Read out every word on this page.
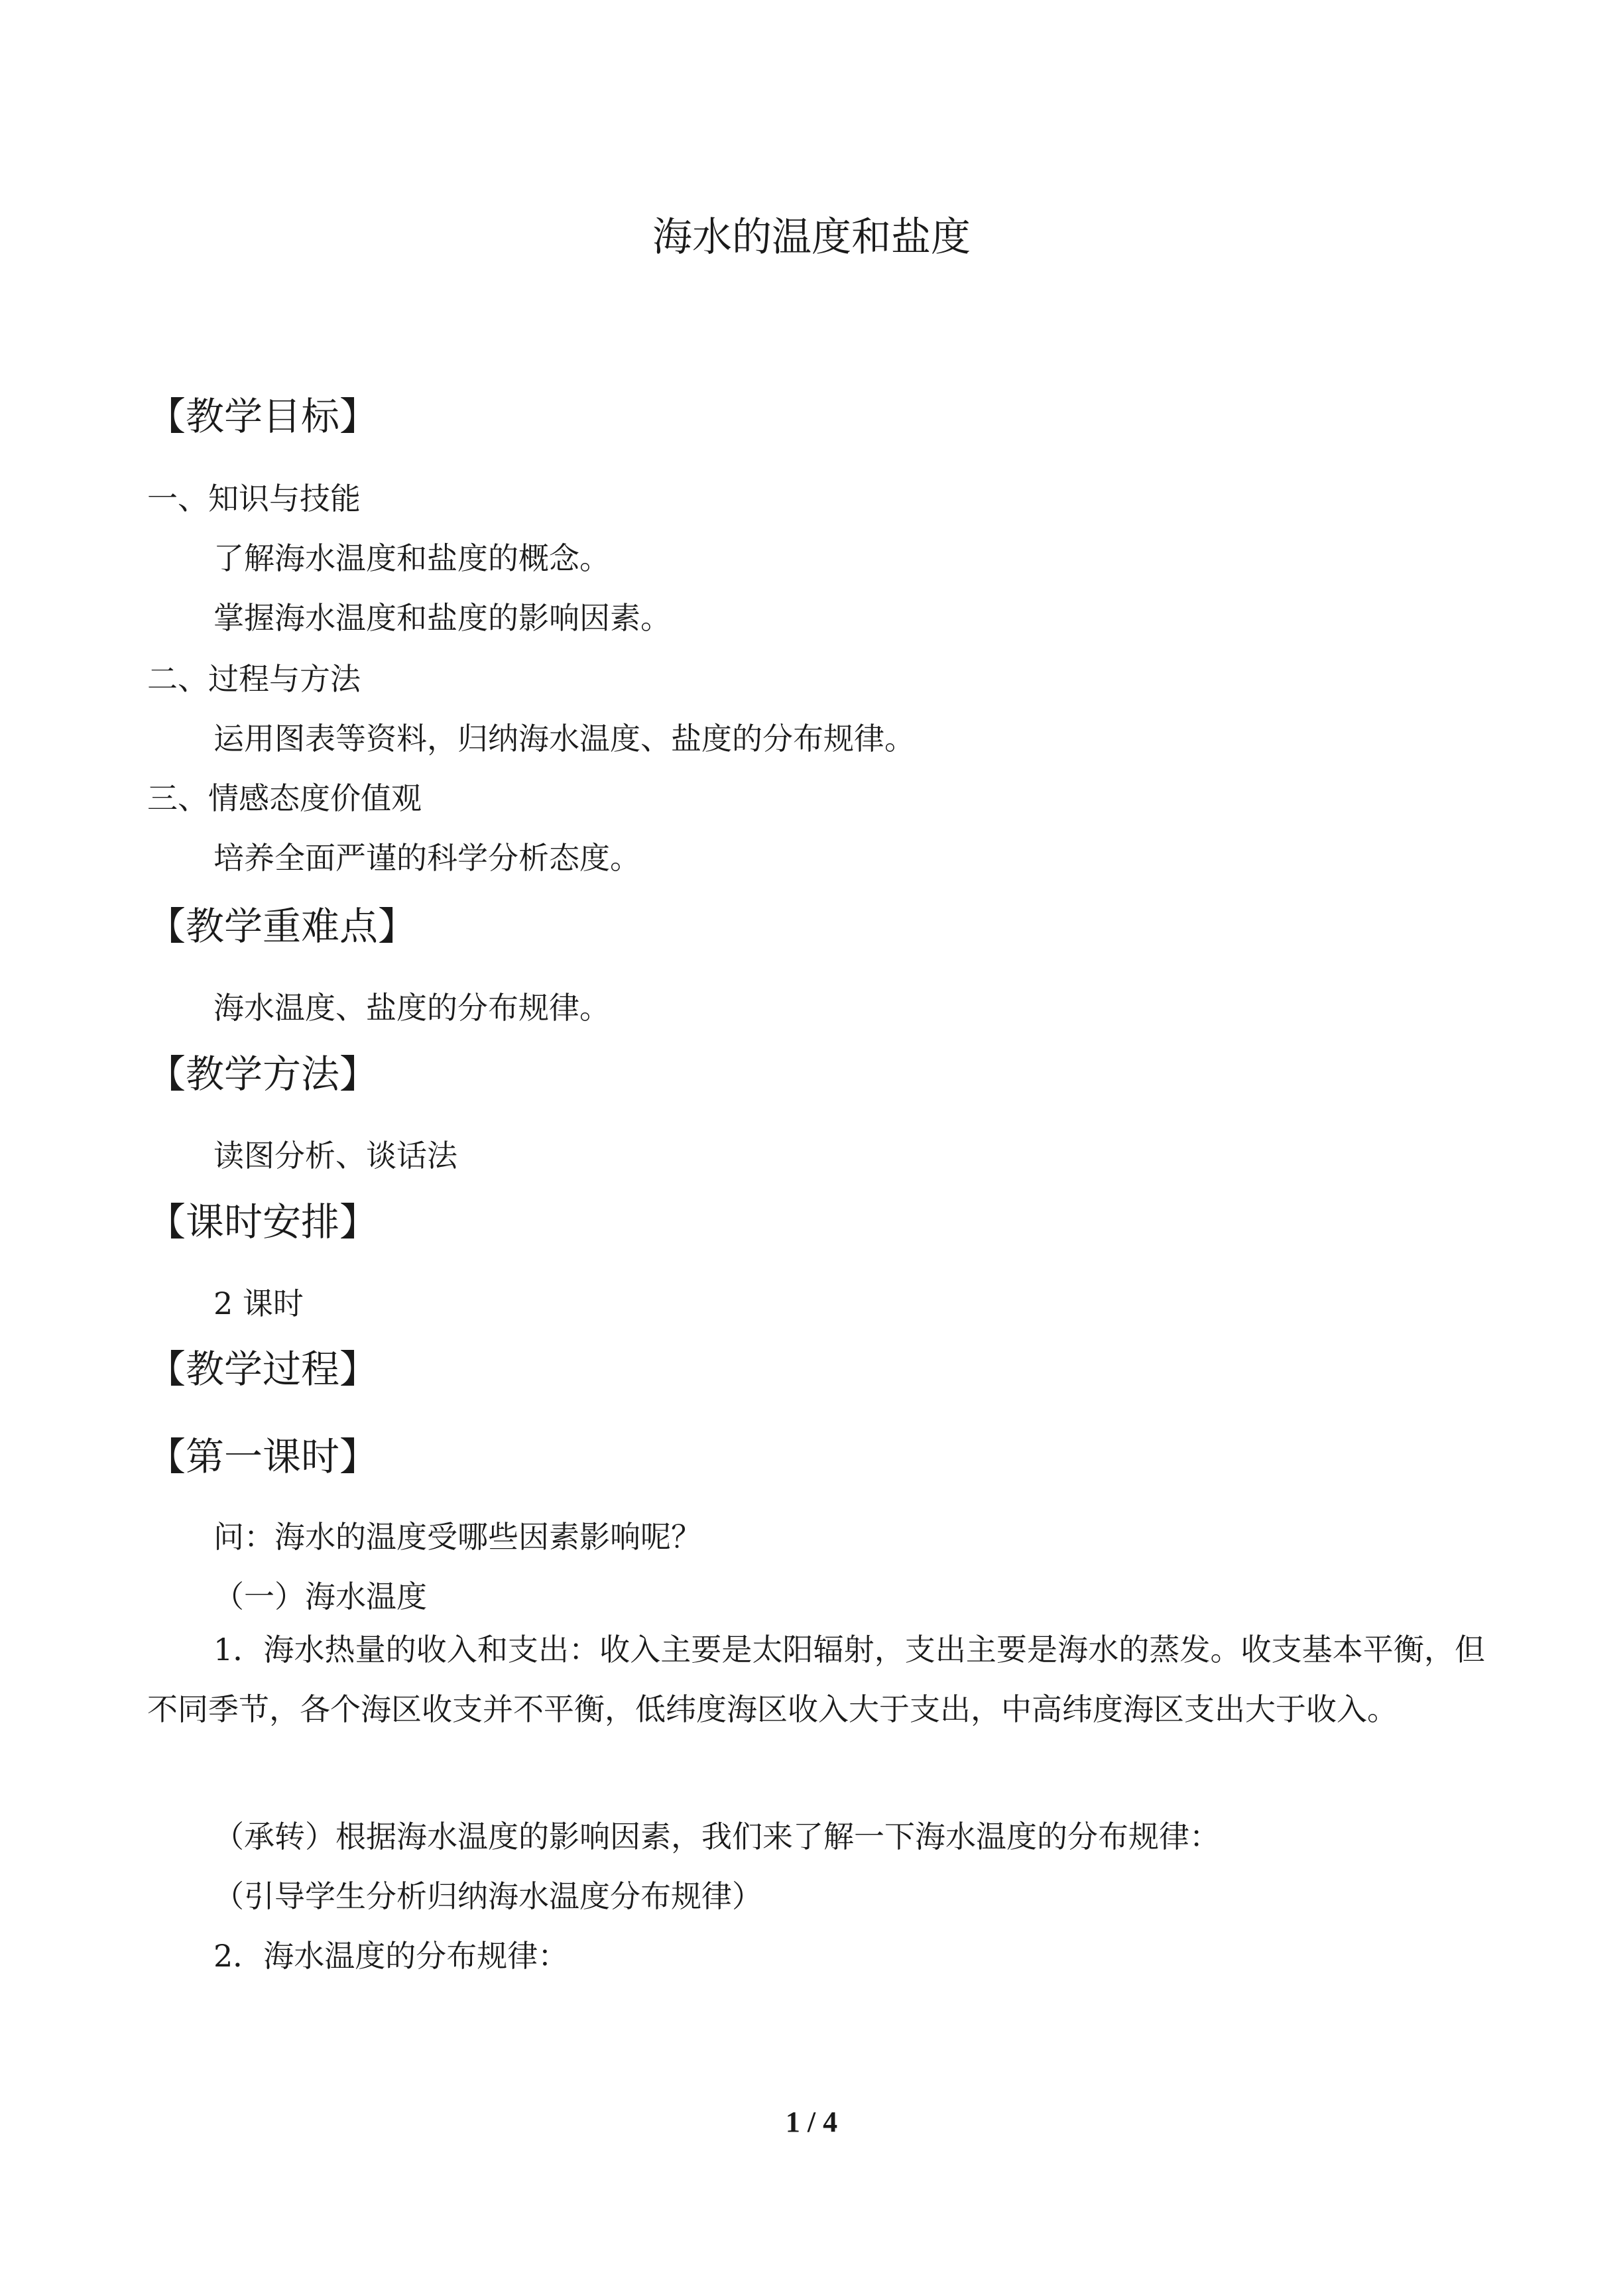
海水的温度和盐度
【教学目标】
一、知识与技能
了解海水温度和盐度的概念。
掌握海水温度和盐度的影响因素。
二、过程与方法
运用图表等资料，归纳海水温度、盐度的分布规律。
三、情感态度价值观
培养全面严谨的科学分析态度。
【教学重难点】
海水温度、盐度的分布规律。
【教学方法】
读图分析、谈话法
【课时安排】
2 课时
【教学过程】
【第一课时】
问：海水的温度受哪些因素影响呢？
（一）海水温度
1．海水热量的收入和支出：收入主要是太阳辐射，支出主要是海水的蒸发。收支基本平衡，但不同季节，各个海区收支并不平衡，低纬度海区收入大于支出，中高纬度海区支出大于收入。
（承转）根据海水温度的影响因素，我们来了解一下海水温度的分布规律：
（引导学生分析归纳海水温度分布规律）
2．海水温度的分布规律：
1 / 4
